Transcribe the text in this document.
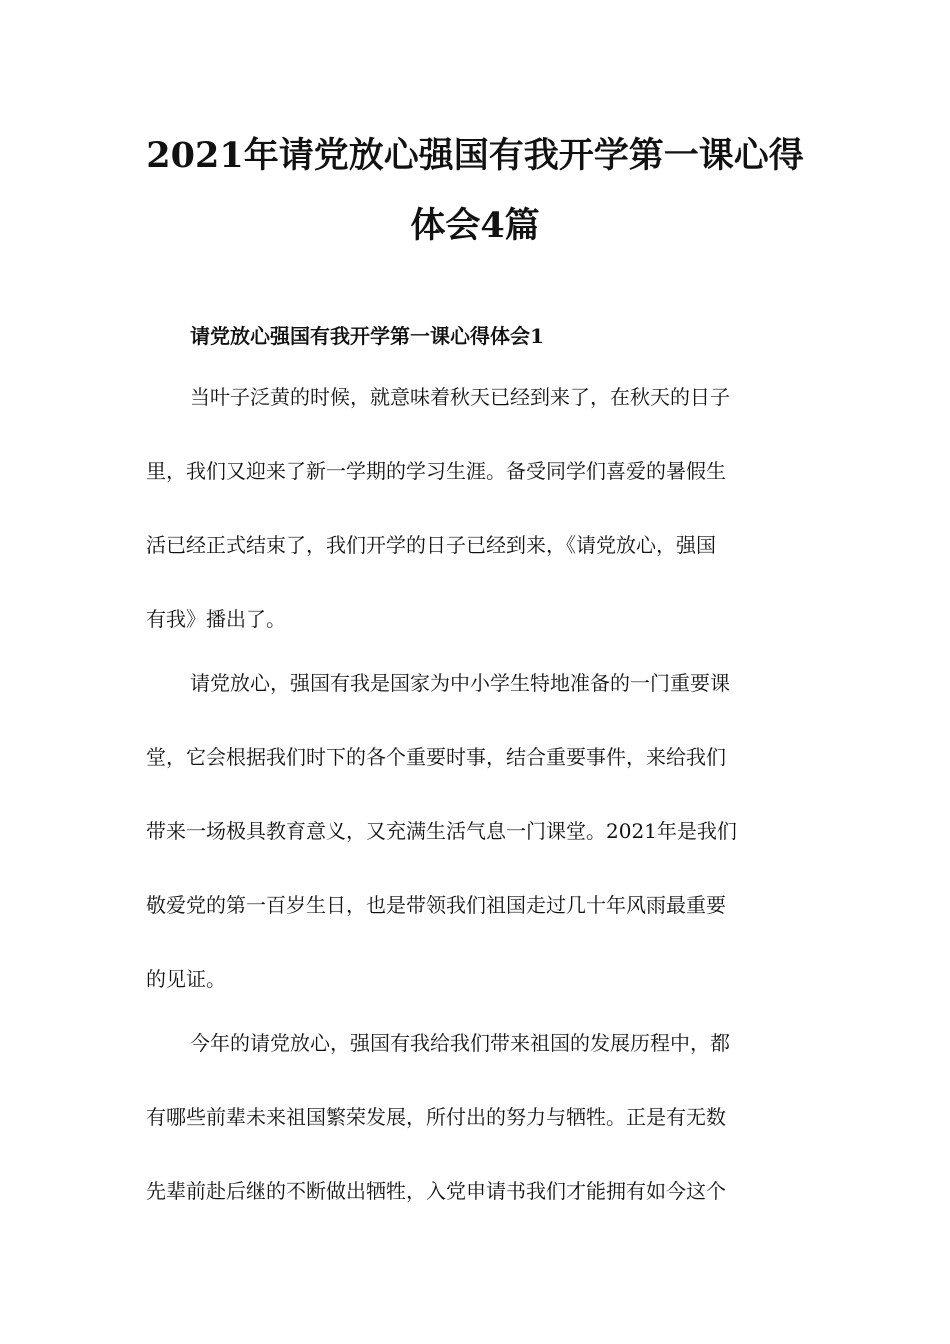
2021年请党放心强国有我开学第一课心得
体会4篇
请党放心强国有我开学第一课心得体会1
当叶子泛黄的时候，就意味着秋天已经到来了，在秋天的日子
里，我们又迎来了新一学期的学习生涯。备受同学们喜爱的暑假生
活已经正式结束了，我们开学的日子已经到来，《请党放心，强国
有我》播出了。
请党放心，强国有我是国家为中小学生特地准备的一门重要课
堂，它会根据我们时下的各个重要时事，结合重要事件，来给我们
带来一场极具教育意义，又充满生活气息一门课堂。2021年是我们
敬爱党的第一百岁生日，也是带领我们祖国走过几十年风雨最重要
的见证。
今年的请党放心，强国有我给我们带来祖国的发展历程中，都
有哪些前辈未来祖国繁荣发展，所付出的努力与牺牲。正是有无数
先辈前赴后继的不断做出牺牲，入党申请书我们才能拥有如今这个
